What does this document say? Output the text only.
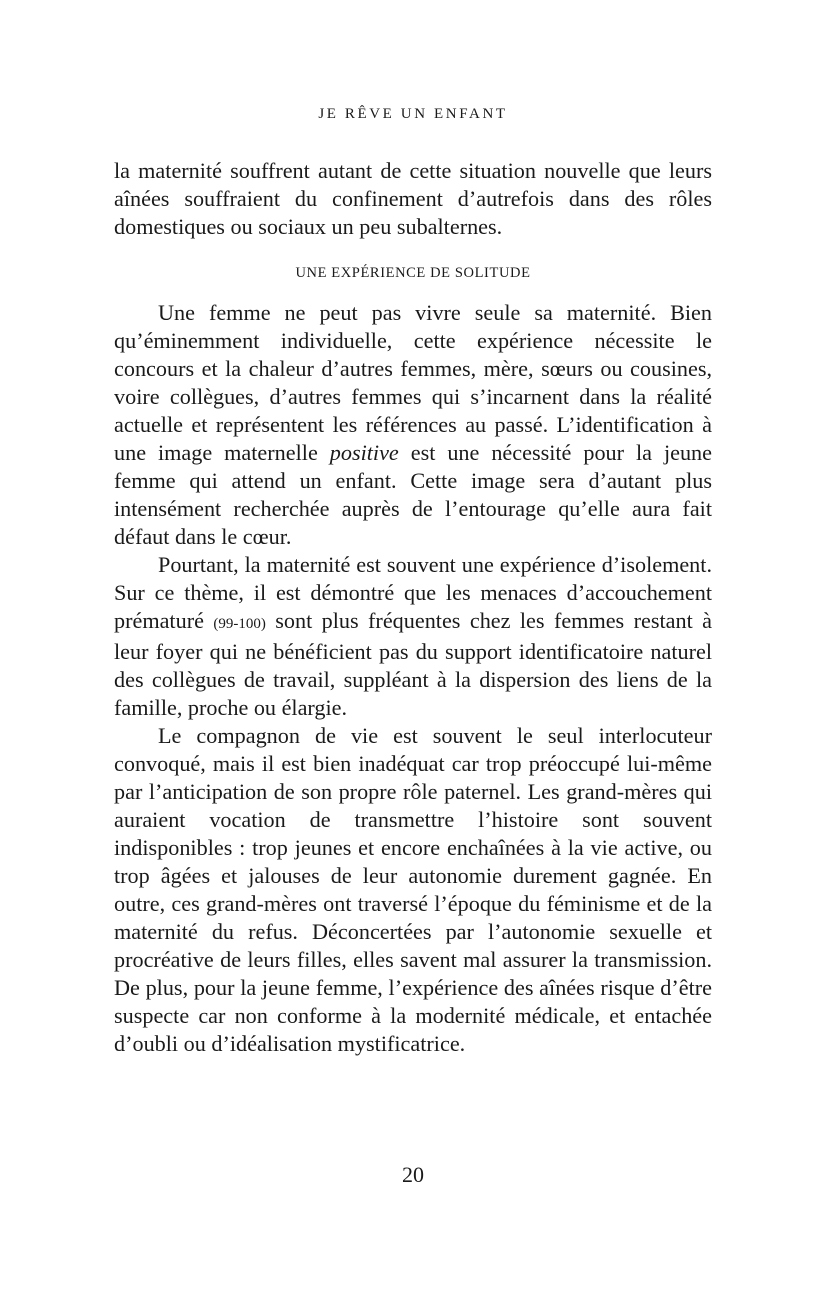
JE RÊVE UN ENFANT

la maternité souffrent autant de cette situation nouvelle que leurs aînées souffraient du confinement d’autrefois dans des rôles domestiques ou sociaux un peu subalternes.

UNE EXPÉRIENCE DE SOLITUDE

Une femme ne peut pas vivre seule sa maternité. Bien qu’éminemment individuelle, cette expérience nécessite le concours et la chaleur d’autres femmes, mère, sœurs ou cousines, voire collègues, d’autres femmes qui s’incarnent dans la réalité actuelle et représentent les références au passé. L’identification à une image maternelle positive est une nécessité pour la jeune femme qui attend un enfant. Cette image sera d’autant plus intensément recherchée auprès de l’entourage qu’elle aura fait défaut dans le cœur.

Pourtant, la maternité est souvent une expérience d’isolement. Sur ce thème, il est démontré que les menaces d’accouchement prématuré (99-100) sont plus fréquentes chez les femmes restant à leur foyer qui ne bénéficient pas du support identificatoire naturel des collègues de travail, suppléant à la dispersion des liens de la famille, proche ou élargie.

Le compagnon de vie est souvent le seul interlocuteur convoqué, mais il est bien inadéquat car trop préoccupé lui-même par l’anticipation de son propre rôle paternel. Les grand-mères qui auraient vocation de transmettre l’histoire sont souvent indisponibles : trop jeunes et encore enchaînées à la vie active, ou trop âgées et jalouses de leur autonomie durement gagnée. En outre, ces grand-mères ont traversé l’époque du féminisme et de la maternité du refus. Déconcertées par l’autonomie sexuelle et procréative de leurs filles, elles savent mal assurer la transmission. De plus, pour la jeune femme, l’expérience des aînées risque d’être suspecte car non conforme à la modernité médicale, et entachée d’oubli ou d’idéalisation mystificatrice.

20
